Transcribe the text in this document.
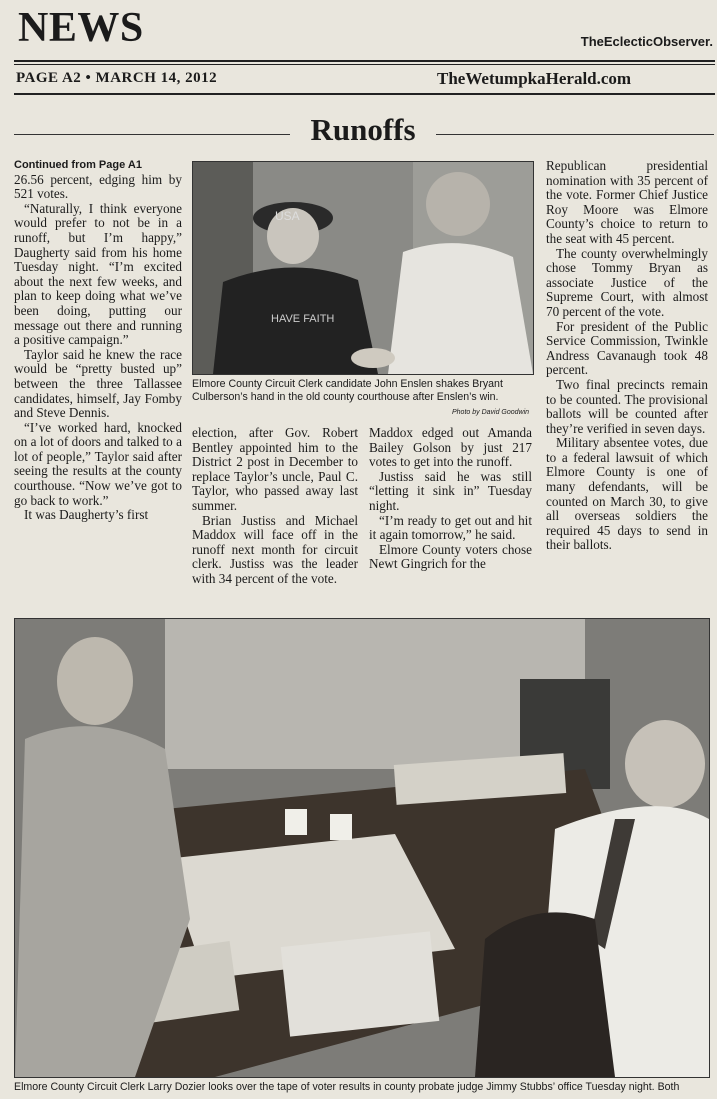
NEWS	TheEclecticObserver.
PAGE A2 • MARCH 14, 2012	TheWetumpkaHerald.com
Runoffs

Continued from Page A1

26.56 percent, edging him by 521 votes.

“Naturally, I think everyone would prefer to not be in a runoff, but I’m happy,” Daugherty said from his home Tuesday night. “I’m excited about the next few weeks, and plan to keep doing what we’ve been doing, putting our message out there and running a positive campaign.”

Taylor said he knew the race would be “pretty busted up” between the three Tallassee candidates, himself, Jay Fomby and Steve Dennis.

“I’ve worked hard, knocked on a lot of doors and talked to a lot of people,” Taylor said after seeing the results at the county courthouse. “Now we’ve got to go back to work.”

It was Daugherty’s first

USA
HAVE FAITH
Elmore County Circuit Clerk candidate John Enslen shakes Bryant Culberson’s hand in the old county courthouse after Enslen’s win.
Photo by David Goodwin

election, after Gov. Robert Bentley appointed him to the District 2 post in December to replace Taylor’s uncle, Paul C. Taylor, who passed away last summer.

Brian Justiss and Michael Maddox will face off in the runoff next month for circuit clerk. Justiss was the leader with 34 percent of the vote.

Maddox edged out Amanda Bailey Golson by just 217 votes to get into the runoff.

Justiss said he was still “letting it sink in” Tuesday night.

“I’m ready to get out and hit it again tomorrow,” he said.

Elmore County voters chose Newt Gingrich for the

Republican presidential nomination with 35 percent of the vote. Former Chief Justice Roy Moore was Elmore County’s choice to return to the seat with 45 percent.

The county overwhelmingly chose Tommy Bryan as associate Justice of the Supreme Court, with almost 70 percent of the vote.

For president of the Public Service Commission, Twinkle Andress Cavanaugh took 48 percent.

Two final precincts remain to be counted. The provisional ballots will be counted after they’re verified in seven days.

Military absentee votes, due to a federal lawsuit of which Elmore County is one of many defendants, will be counted on March 30, to give all overseas soldiers the required 45 days to send in their ballots.

Elmore County Circuit Clerk Larry Dozier looks over the tape of voter results in county probate judge Jimmy Stubbs’ office Tuesday night. Both
